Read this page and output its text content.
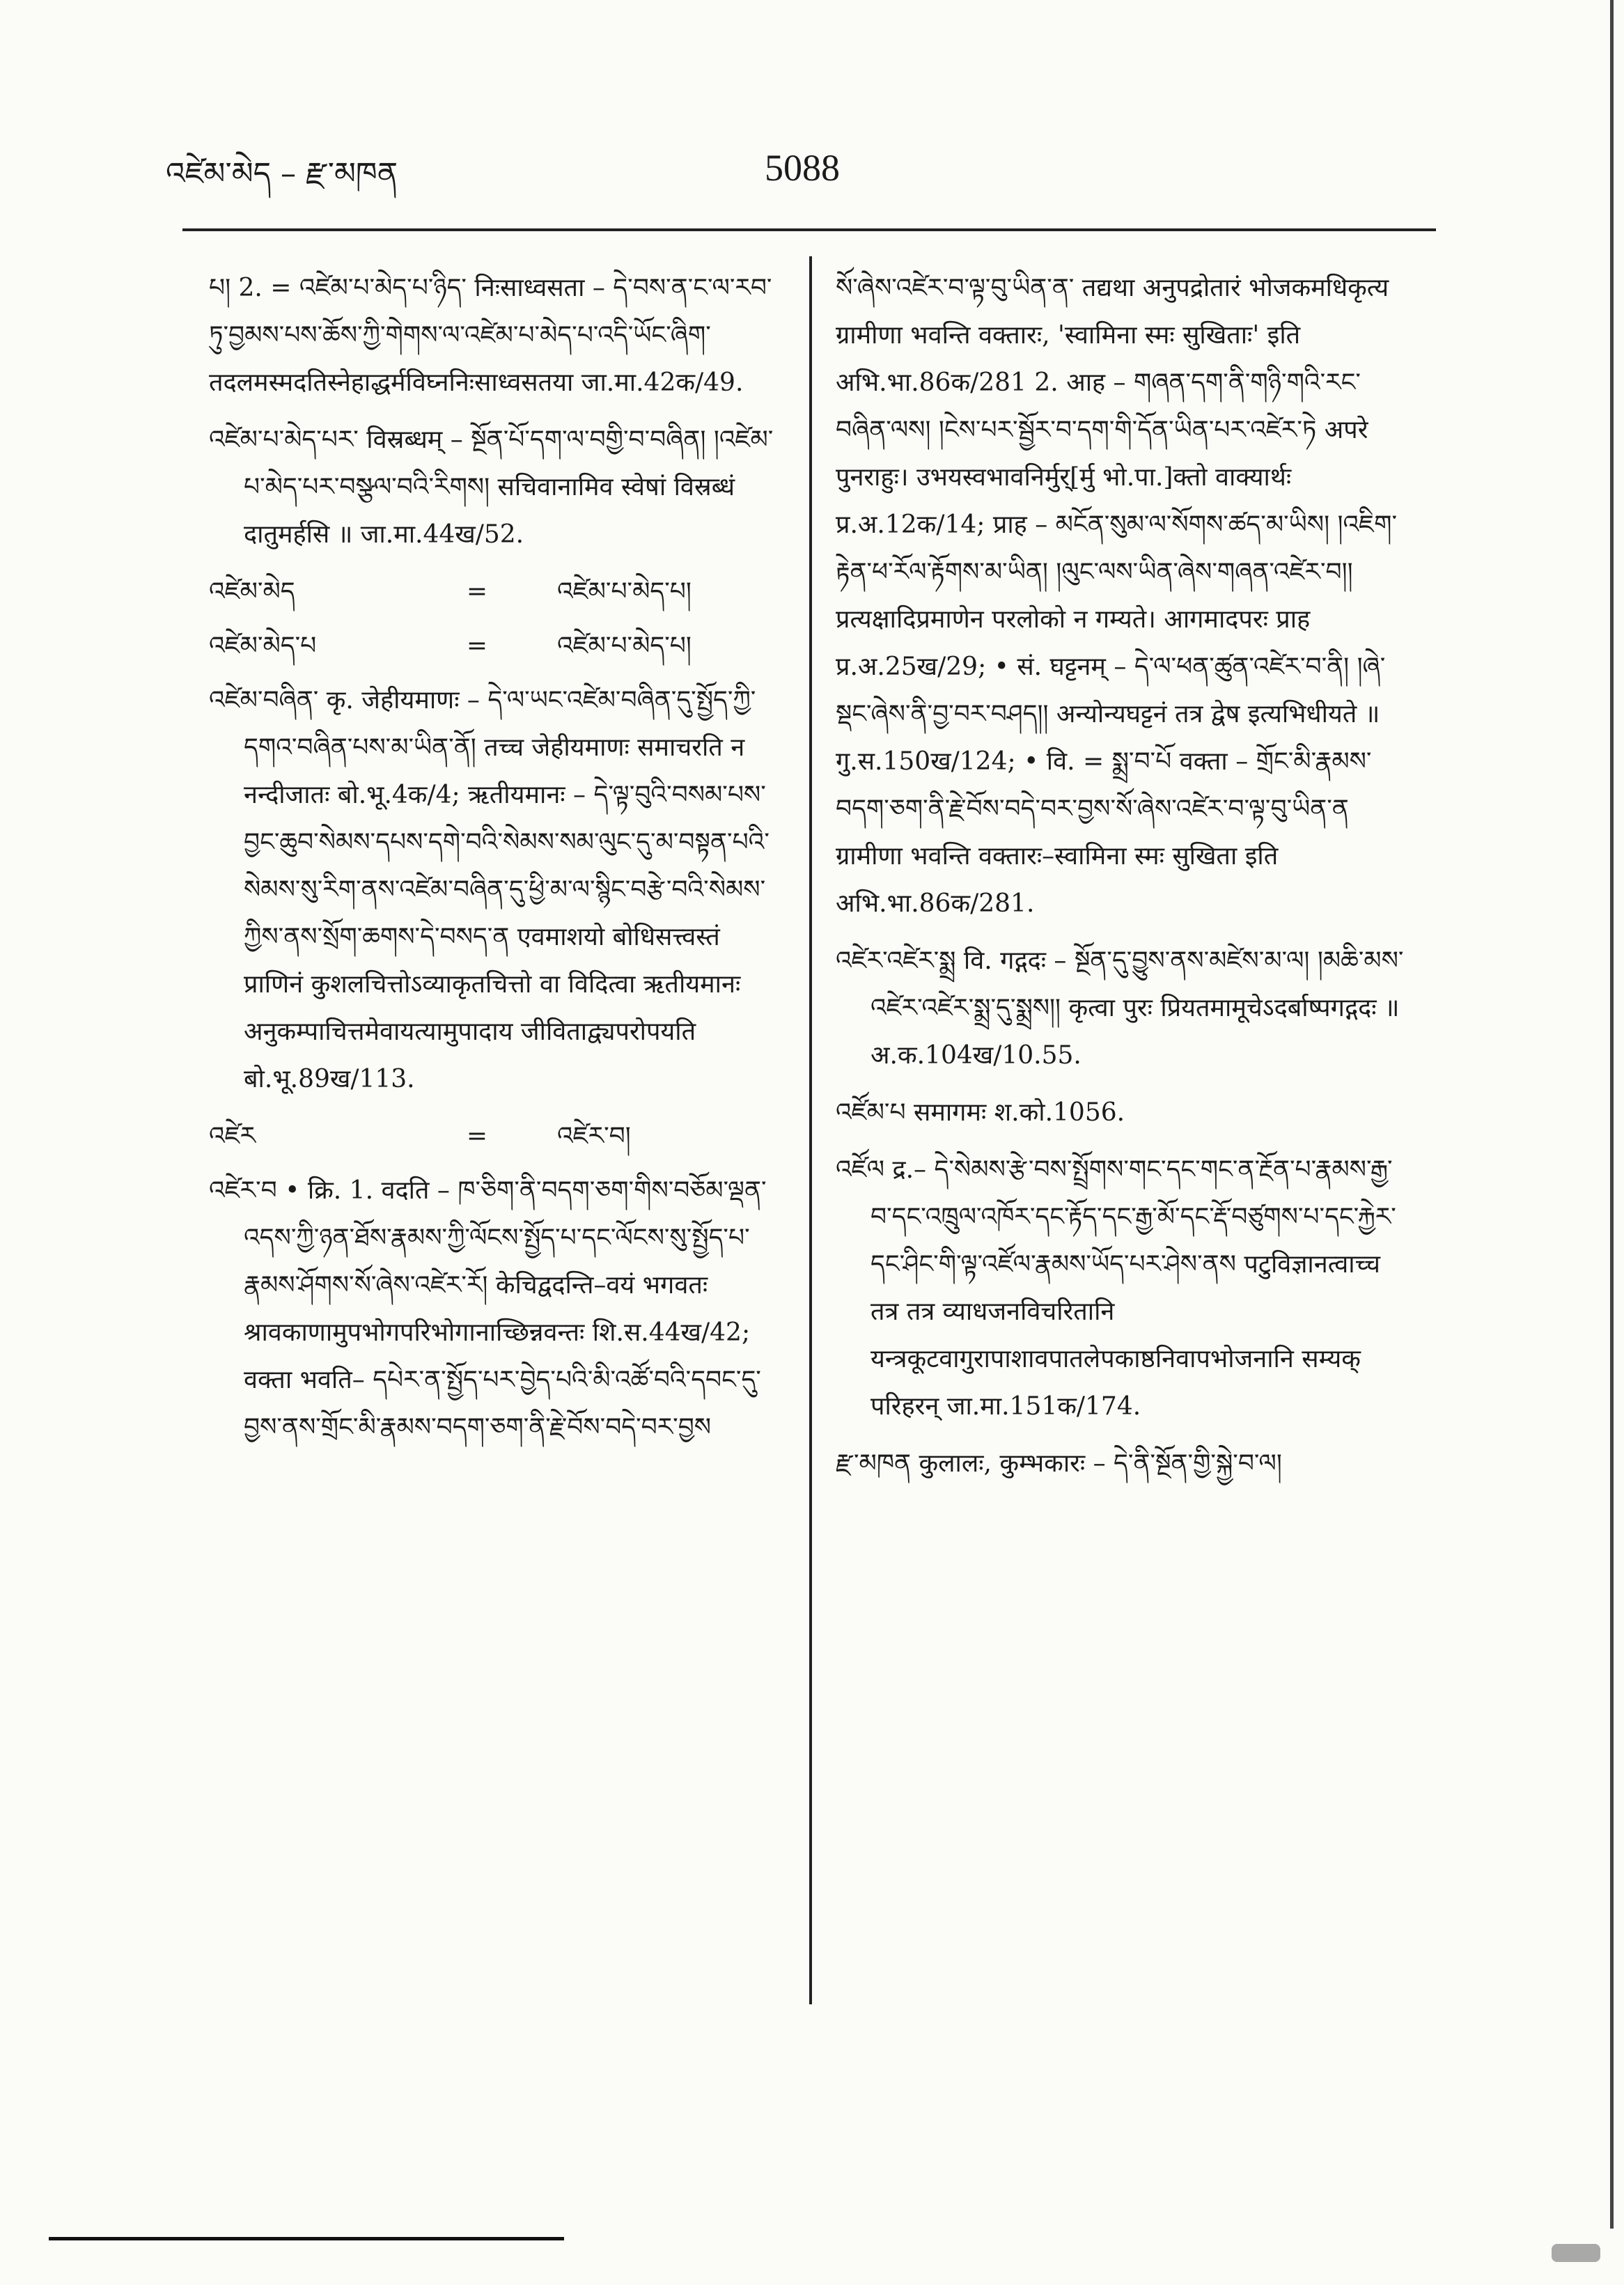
འཛེམ་མེད – རྫ་མཁན	5088

པ། 2. = འཛེམ་པ་མེད་པ་ཉིད་ निःसाध्वसता – དེ་བས་ན་ང་ལ་རབ་ཏུ་བྱམས་པས་ཆོས་ཀྱི་གེགས་ལ་འཛེམ་པ་མེད་པ་འདི་ཡོང་ཞིག་ तदलमस्मदतिस्नेहाद्धर्मविघ्ननिःसाध्वसतया जा.मा.42क/49.

འཛེམ་པ་མེད་པར་ विस्रब्धम् – སྔོན་པོ་དག་ལ་བགྱི་བ་བཞིན། །འཛེམ་པ་མེད་པར་བསྩལ་བའི་རིགས། सचिवानामिव स्वेषां विस्रब्धं दातुमर्हसि ॥ जा.मा.44ख/52.

འཛེམ་མེད	=	འཛེམ་པ་མེད་པ།
འཛེམ་མེད་པ	=	འཛེམ་པ་མེད་པ།

འཛེམ་བཞིན་ कृ. जेहीयमाणः – དེ་ལ་ཡང་འཛེམ་བཞིན་དུ་སྤྱོད་ཀྱི་དགའ་བཞིན་པས་མ་ཡིན་ནོ། तच्च जेहीयमाणः समाचरति न नन्दीजातः बो.भू.4क/4; ऋतीयमानः – དེ་ལྟ་བུའི་བསམ་པས་བྱང་ཆུབ་སེམས་དཔས་དགེ་བའི་སེམས་སམ་ལུང་དུ་མ་བསྟན་པའི་སེམས་སུ་རིག་ནས་འཛེམ་བཞིན་དུ་ཕྱི་མ་ལ་སྙིང་བརྩེ་བའི་སེམས་ཀྱིས་ནས་སྲོག་ཆགས་དེ་བསད་ན एवमाशयो बोधिसत्त्वस्तं प्राणिनं कुशलचित्तोऽव्याकृतचित्तो वा विदित्वा ऋतीयमानः अनुकम्पाचित्तमेवायत्यामुपादाय जीविताद्व्यपरोपयति बो.भू.89ख/113.

འཛེར	=	འཛེར་བ།

འཛེར་བ • क्रि. 1. वदति – ཁ་ཅིག་ནི་བདག་ཅག་གིས་བཅོམ་ལྡན་འདས་ཀྱི་ཉན་ཐོས་རྣམས་ཀྱི་ལོངས་སྤྱོད་པ་དང་ལོངས་སུ་སྤྱོད་པ་རྣམས་ཤོགས་སོ་ཞེས་འཛེར་རོ། केचिद्वदन्ति–वयं भगवतः श्रावकाणामुपभोगपरिभोगानाच्छिन्नवन्तः शि.स.44ख/42; वक्ता भवति– དཔེར་ན་སྤྱོད་པར་བྱེད་པའི་མི་འཚོ་བའི་དབང་དུ་བྱས་ནས་གྲོང་མི་རྣམས་བདག་ཅག་ནི་རྗེ་བོས་བདེ་བར་བྱས

སོ་ཞེས་འཛེར་བ་ལྟ་བུ་ཡིན་ན་ तद्यथा अनुपद्रोतारं भोजकमधिकृत्य ग्रामीणा भवन्ति वक्तारः, 'स्वामिना स्मः सुखिताः' इति अभि.भा.86क/281 2. आह – གཞན་དག་ནི་གཉི་གའི་རང་བཞིན་ལས། །ངེས་པར་སྦྱོར་བ་དག་གི་དོན་ཡིན་པར་འཛེར་ཏེ अपरे पुनराहुः। उभयस्वभावनिर्मुर्[र्मु भो.पा.]क्तो वाक्यार्थः प्र.अ.12क/14; प्राह – མངོན་སུམ་ལ་སོགས་ཚད་མ་ཡིས། །འཇིག་རྟེན་ཕ་རོལ་རྟོགས་མ་ཡིན། །ལུང་ལས་ཡིན་ཞེས་གཞན་འཛེར་བ།། प्रत्यक्षादिप्रमाणेन परलोको न गम्यते। आगमादपरः प्राह प्र.अ.25ख/29; • सं. घट्टनम् – དེ་ལ་ཕན་ཚུན་འཛེར་བ་ནི། །ཞེ་སྡང་ཞེས་ནི་བྱ་བར་བཤད།། अन्योन्यघट्टनं तत्र द्वेष इत्यभिधीयते ॥ गु.स.150ख/124; • वि. = སྨྲ་བ་པོ वक्ता – གྲོང་མི་རྣམས་བདག་ཅག་ནི་རྗེ་བོས་བདེ་བར་བྱས་སོ་ཞེས་འཛེར་བ་ལྟ་བུ་ཡིན་ན ग्रामीणा भवन्ति वक्तारः–स्वामिना स्मः सुखिता इति अभि.भा.86क/281.

འཛེར་འཛེར་སྨྲ वि. गद्गदः – སྔོན་དུ་བྱུས་ནས་མཛེས་མ་ལ། །མཆི་མས་འཛེར་འཛེར་སྨྲ་དུ་སྨྲས།། कृत्वा पुरः प्रियतमामूचेऽदर्बाष्पगद्गदः ॥ अ.क.104ख/10.55.

འཛོམ་པ समागमः श.को.1056.

འཛོལ द्र.– དེ་སེམས་རྩེ་བས་སྤྲོགས་གང་དང་གང་ན་རྔོན་པ་རྣམས་རྒྱ་བ་དང་འཁྲུལ་འཁོར་དང་རྟོད་དང་རྒྱ་མོ་དང་རྡོ་བཙུགས་པ་དང་རྐྱེར་དང་ཤིང་གི་ལྟ་འཛོལ་རྣམས་ཡོད་པར་ཤེས་ནས पटुविज्ञानत्वाच्च तत्र तत्र व्याधजनविचरितानि यन्त्रकूटवागुरापाशावपातलेपकाष्ठनिवापभोजनानि सम्यक् परिहरन् जा.मा.151क/174.

རྫ་མཁན कुलालः, कुम्भकारः – དེ་ནི་སྔོན་གྱི་སྐྱེ་བ་ལ།
